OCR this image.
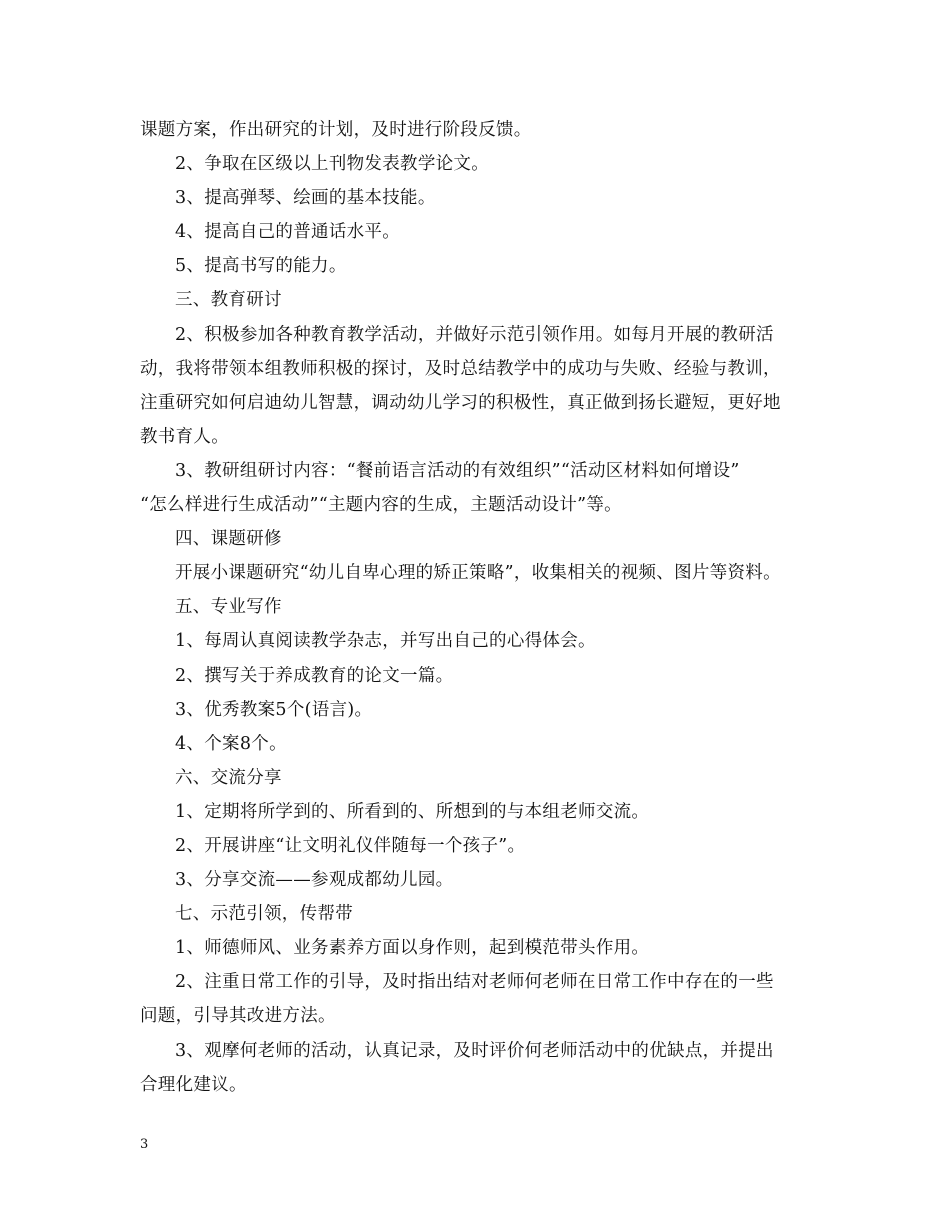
课题方案，作出研究的计划，及时进行阶段反馈。

2、争取在区级以上刊物发表教学论文。

3、提高弹琴、绘画的基本技能。

4、提高自己的普通话水平。

5、提高书写的能力。

三、教育研讨

2、积极参加各种教育教学活动，并做好示范引领作用。如每月开展的教研活

动，我将带领本组教师积极的探讨，及时总结教学中的成功与失败、经验与教训，

注重研究如何启迪幼儿智慧，调动幼儿学习的积极性，真正做到扬长避短，更好地

教书育人。

3、教研组研讨内容：“餐前语言活动的有效组织”“活动区材料如何增设”

“怎么样进行生成活动”“主题内容的生成，主题活动设计”等。

四、课题研修

开展小课题研究“幼儿自卑心理的矫正策略”，收集相关的视频、图片等资料。

五、专业写作

1、每周认真阅读教学杂志，并写出自己的心得体会。

2、撰写关于养成教育的论文一篇。

3、优秀教案5个(语言)。

4、个案8个。

六、交流分享

1、定期将所学到的、所看到的、所想到的与本组老师交流。

2、开展讲座“让文明礼仪伴随每一个孩子”。

3、分享交流——参观成都幼儿园。

七、示范引领，传帮带

1、师德师风、业务素养方面以身作则，起到模范带头作用。

2、注重日常工作的引导，及时指出结对老师何老师在日常工作中存在的一些

问题，引导其改进方法。

3、观摩何老师的活动，认真记录，及时评价何老师活动中的优缺点，并提出

合理化建议。

3
